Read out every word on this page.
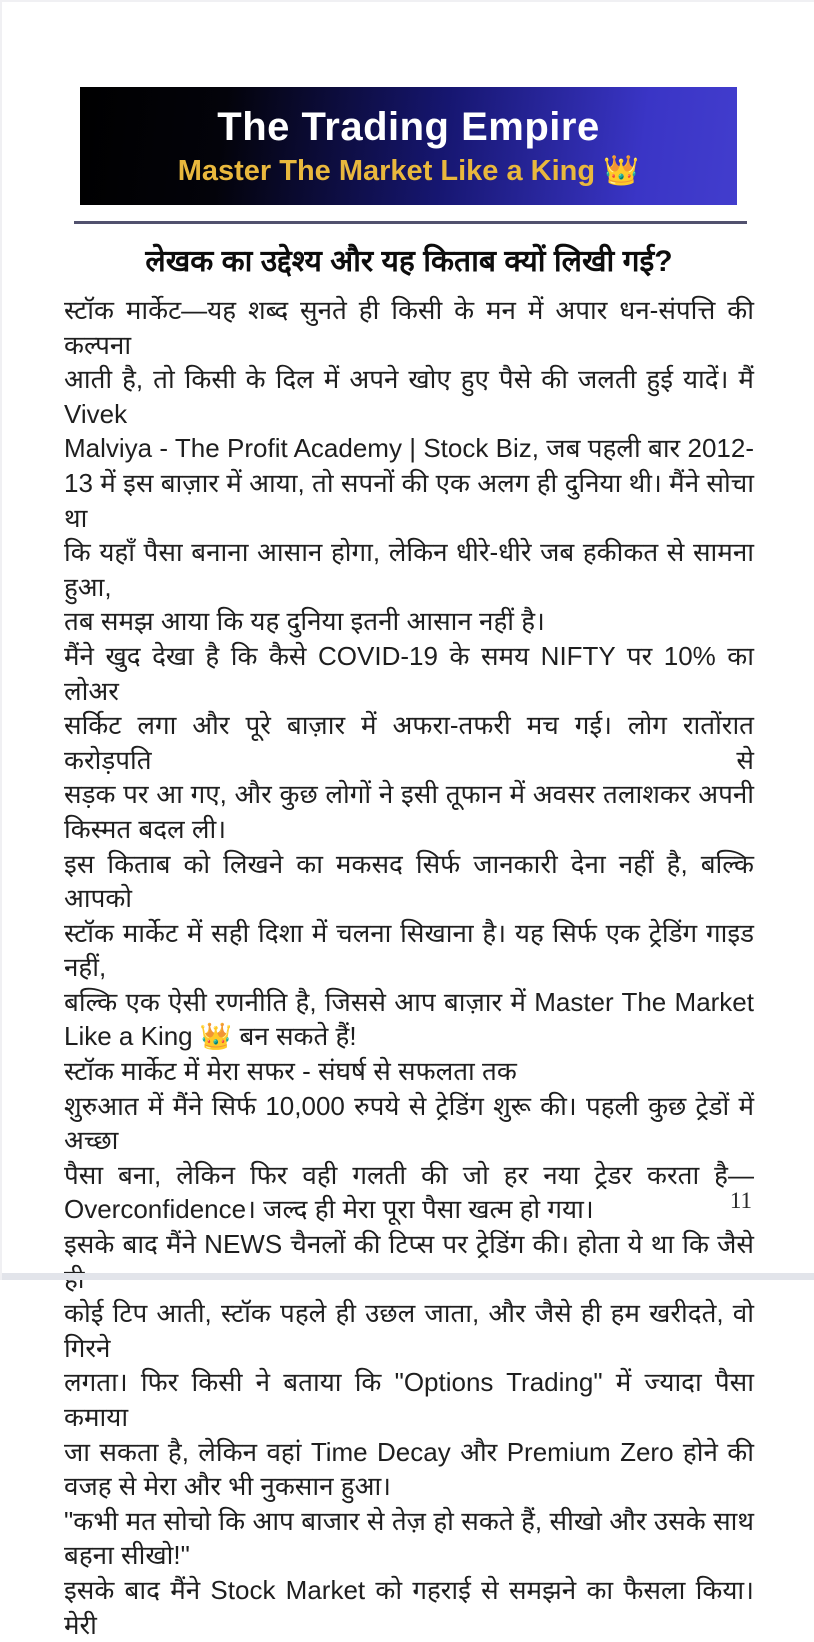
The Trading Empire
Master The Market Like a King 👑
लेखक का उद्देश्य और यह किताब क्यों लिखी गई?
स्टॉक मार्केट—यह शब्द सुनते ही किसी के मन में अपार धन-संपत्ति की कल्पना
आती है, तो किसी के दिल में अपने खोए हुए पैसे की जलती हुई यादें। मैं Vivek
Malviya - The Profit Academy | Stock Biz, जब पहली बार 2012-
13 में इस बाज़ार में आया, तो सपनों की एक अलग ही दुनिया थी। मैंने सोचा था
कि यहाँ पैसा बनाना आसान होगा, लेकिन धीरे-धीरे जब हकीकत से सामना हुआ,
तब समझ आया कि यह दुनिया इतनी आसान नहीं है।
मैंने खुद देखा है कि कैसे COVID-19 के समय NIFTY पर 10% का लोअर
सर्किट लगा और पूरे बाज़ार में अफरा-तफरी मच गई। लोग रातोंरात करोड़पति से
सड़क पर आ गए, और कुछ लोगों ने इसी तूफान में अवसर तलाशकर अपनी
किस्मत बदल ली।
इस किताब को लिखने का मकसद सिर्फ जानकारी देना नहीं है, बल्कि आपको
स्टॉक मार्केट में सही दिशा में चलना सिखाना है। यह सिर्फ एक ट्रेडिंग गाइड नहीं,
बल्कि एक ऐसी रणनीति है, जिससे आप बाज़ार में Master The Market
Like a King 👑 बन सकते हैं!
स्टॉक मार्केट में मेरा सफर - संघर्ष से सफलता तक
शुरुआत में मैंने सिर्फ 10,000 रुपये से ट्रेडिंग शुरू की। पहली कुछ ट्रेडों में अच्छा
पैसा बना, लेकिन फिर वही गलती की जो हर नया ट्रेडर करता है—
Overconfidence। जल्द ही मेरा पूरा पैसा खत्म हो गया।
इसके बाद मैंने NEWS चैनलों की टिप्स पर ट्रेडिंग की। होता ये था कि जैसे
कोई टिप आती, स्टॉक पहले ही उछल जाता, और जैसे ही हम खरीदते, वो गिरने
लगता। फिर किसी ने बताया कि "Options Trading" में ज्यादा पैसा कमाया
जा सकता है, लेकिन वहां Time Decay और Premium Zero होने की
वजह से मेरा और भी नुकसान हुआ।
"कभी मत सोचो कि आप बाजार से तेज़ हो सकते हैं, सीखो और उसके साथ
बहना सीखो!"
इसके बाद मैंने Stock Market को गहराई से समझने का फैसला किया। मेरी
11
